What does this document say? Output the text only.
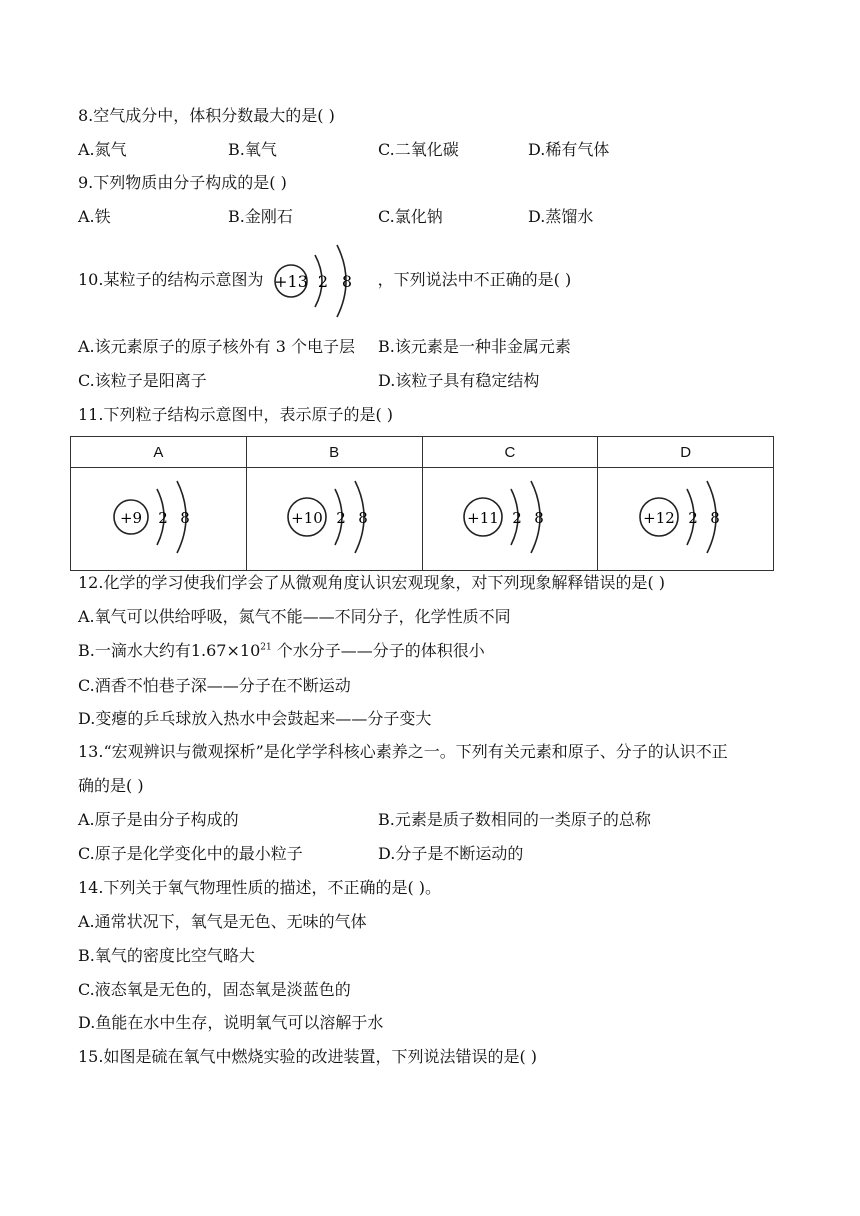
8.空气成分中，体积分数最大的是( )
A.氮气	B.氧气	C.二氧化碳	D.稀有气体
9.下列物质由分子构成的是( )
A.铁	B.金刚石	C.氯化钠	D.蒸馏水
10.某粒子的结构示意图为 +13 2 8 ，下列说法中不正确的是( )
A.该元素原子的原子核外有 3 个电子层 B.该元素是一种非金属元素
C.该粒子是阳离子	D.该粒子具有稳定结构
11.下列粒子结构示意图中，表示原子的是( )
A	B	C	D

+9 2 8	+10 2 8	+11 2 8	+12 2 8
12.化学的学习使我们学会了从微观角度认识宏观现象，对下列现象解释错误的是( )
A.氧气可以供给呼吸，氮气不能——不同分子，化学性质不同
B.一滴水大约有$1.67\times 10^{21}$ 个水分子——分子的体积很小
C.酒香不怕巷子深——分子在不断运动
D.变瘪的乒乓球放入热水中会鼓起来——分子变大
13.“宏观辨识与微观探析”是化学学科核心素养之一。下列有关元素和原子、分子的认识不正
确的是( )
A.原子是由分子构成的	B.元素是质子数相同的一类原子的总称
C.原子是化学变化中的最小粒子	D.分子是不断运动的
14.下列关于氧气物理性质的描述，不正确的是( )。
A.通常状况下，氧气是无色、无味的气体
B.氧气的密度比空气略大
C.液态氧是无色的，固态氧是淡蓝色的
D.鱼能在水中生存，说明氧气可以溶解于水
15.如图是硫在氧气中燃烧实验的改进装置，下列说法错误的是( )
